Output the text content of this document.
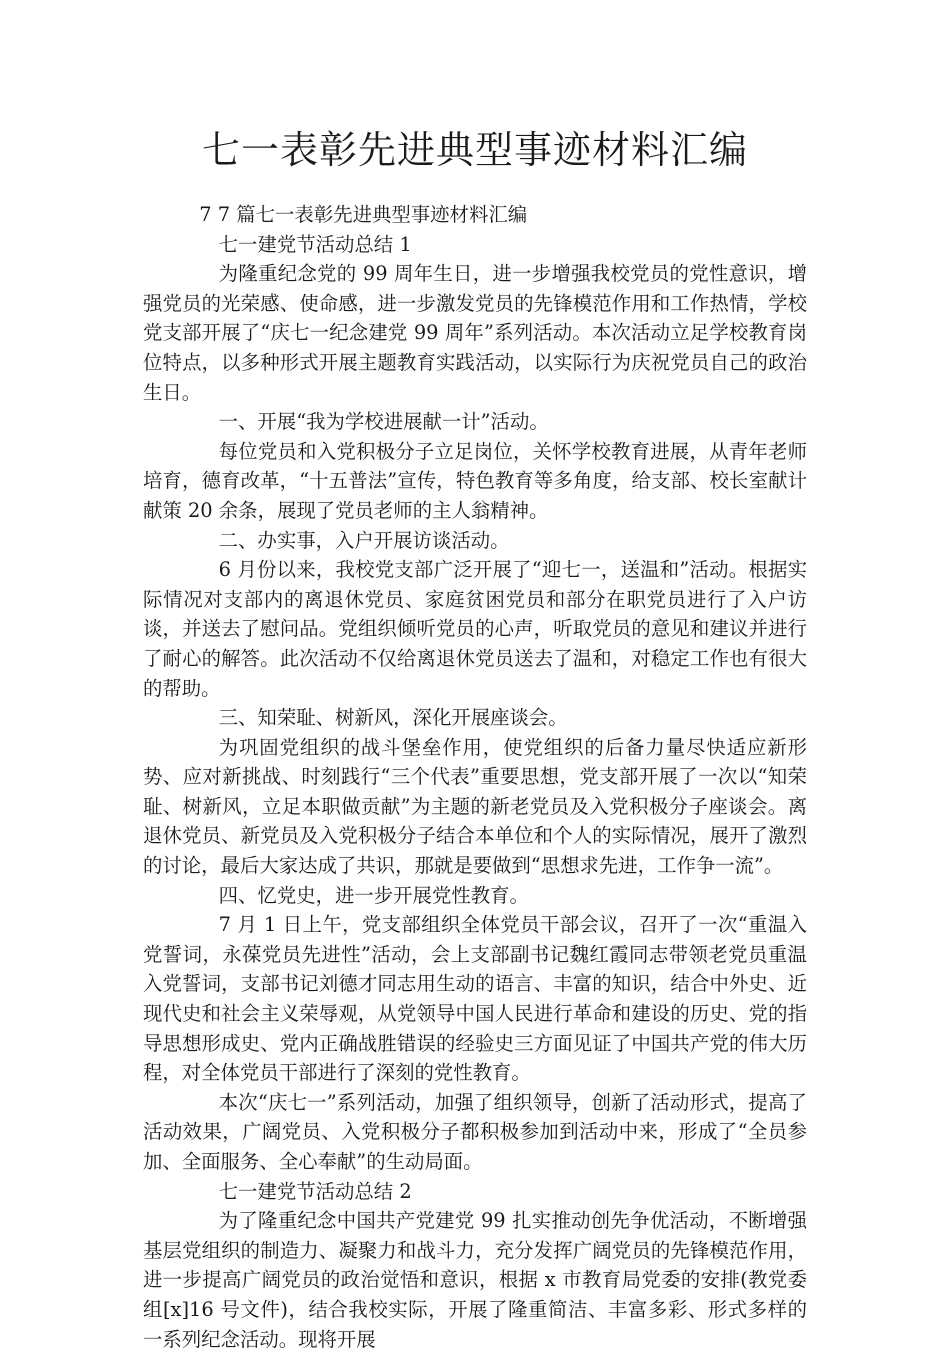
七一表彰先进典型事迹材料汇编

7 7 篇七一表彰先进典型事迹材料汇编

七一建党节活动总结 1

为隆重纪念党的 99 周年生日，进一步增强我校党员的党性意识，增强党员的光荣感、使命感，进一步激发党员的先锋模范作用和工作热情，学校党支部开展了“庆七一纪念建党 99 周年”系列活动。本次活动立足学校教育岗位特点，以多种形式开展主题教育实践活动，以实际行为庆祝党员自己的政治生日。

一、开展“我为学校进展献一计”活动。

每位党员和入党积极分子立足岗位，关怀学校教育进展，从青年老师培育，德育改革，“十五普法”宣传，特色教育等多角度，给支部、校长室献计献策 20 余条，展现了党员老师的主人翁精神。

二、办实事，入户开展访谈活动。

6 月份以来，我校党支部广泛开展了“迎七一，送温和”活动。根据实际情况对支部内的离退休党员、家庭贫困党员和部分在职党员进行了入户访谈，并送去了慰问品。党组织倾听党员的心声，听取党员的意见和建议并进行了耐心的解答。此次活动不仅给离退休党员送去了温和，对稳定工作也有很大的帮助。

三、知荣耻、树新风，深化开展座谈会。

为巩固党组织的战斗堡垒作用，使党组织的后备力量尽快适应新形势、应对新挑战、时刻践行“三个代表”重要思想，党支部开展了一次以“知荣耻、树新风，立足本职做贡献”为主题的新老党员及入党积极分子座谈会。离退休党员、新党员及入党积极分子结合本单位和个人的实际情况，展开了激烈的讨论，最后大家达成了共识，那就是要做到“思想求先进，工作争一流”。

四、忆党史，进一步开展党性教育。

7 月 1 日上午，党支部组织全体党员干部会议，召开了一次“重温入党誓词，永葆党员先进性”活动，会上支部副书记魏红霞同志带领老党员重温入党誓词，支部书记刘德才同志用生动的语言、丰富的知识，结合中外史、近现代史和社会主义荣辱观，从党领导中国人民进行革命和建设的历史、党的指导思想形成史、党内正确战胜错误的经验史三方面见证了中国共产党的伟大历程，对全体党员干部进行了深刻的党性教育。

本次“庆七一”系列活动，加强了组织领导，创新了活动形式，提高了活动效果，广阔党员、入党积极分子都积极参加到活动中来，形成了“全员参加、全面服务、全心奉献”的生动局面。

七一建党节活动总结 2

为了隆重纪念中国共产党建党 99 扎实推动创先争优活动，不断增强基层党组织的制造力、凝聚力和战斗力，充分发挥广阔党员的先锋模范作用，进一步提高广阔党员的政治觉悟和意识，根据 x 市教育局党委的安排(教党委组[x]16 号文件)，结合我校实际，开展了隆重简洁、丰富多彩、形式多样的一系列纪念活动。现将开展
